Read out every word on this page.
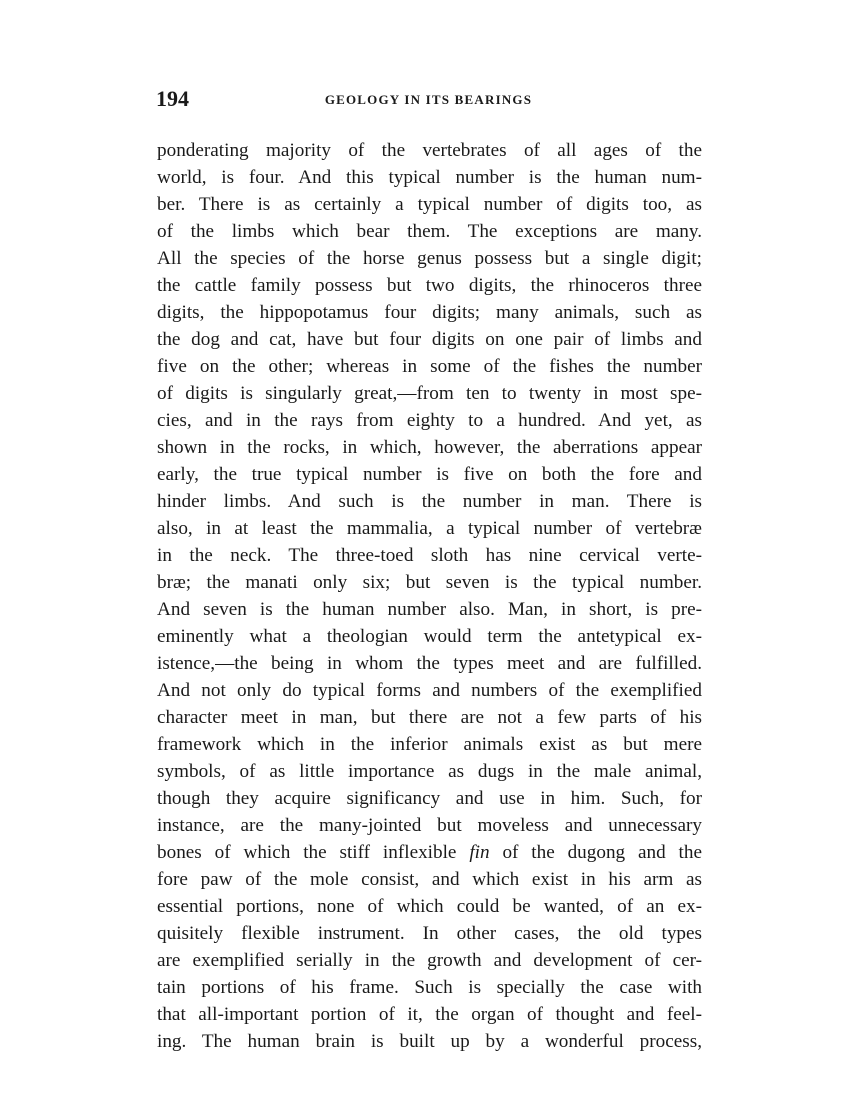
194	GEOLOGY IN ITS BEARINGS
ponderating majority of the vertebrates of all ages of the
world, is four. And this typical number is the human num-
ber. There is as certainly a typical number of digits too, as
of the limbs which bear them. The exceptions are many.
All the species of the horse genus possess but a single digit;
the cattle family possess but two digits, the rhinoceros three
digits, the hippopotamus four digits; many animals, such as
the dog and cat, have but four digits on one pair of limbs and
five on the other; whereas in some of the fishes the number
of digits is singularly great,—from ten to twenty in most spe-
cies, and in the rays from eighty to a hundred. And yet, as
shown in the rocks, in which, however, the aberrations appear
early, the true typical number is five on both the fore and
hinder limbs. And such is the number in man. There is
also, in at least the mammalia, a typical number of vertebræ
in the neck. The three-toed sloth has nine cervical verte-
bræ; the manati only six; but seven is the typical number.
And seven is the human number also. Man, in short, is pre-
eminently what a theologian would term the antetypical ex-
istence,—the being in whom the types meet and are fulfilled.
And not only do typical forms and numbers of the exemplified
character meet in man, but there are not a few parts of his
framework which in the inferior animals exist as but mere
symbols, of as little importance as dugs in the male animal,
though they acquire significancy and use in him. Such, for
instance, are the many-jointed but moveless and unnecessary
bones of which the stiff inflexible fin of the dugong and the
fore paw of the mole consist, and which exist in his arm as
essential portions, none of which could be wanted, of an ex-
quisitely flexible instrument. In other cases, the old types
are exemplified serially in the growth and development of cer-
tain portions of his frame. Such is specially the case with
that all-important portion of it, the organ of thought and feel-
ing. The human brain is built up by a wonderful process,
